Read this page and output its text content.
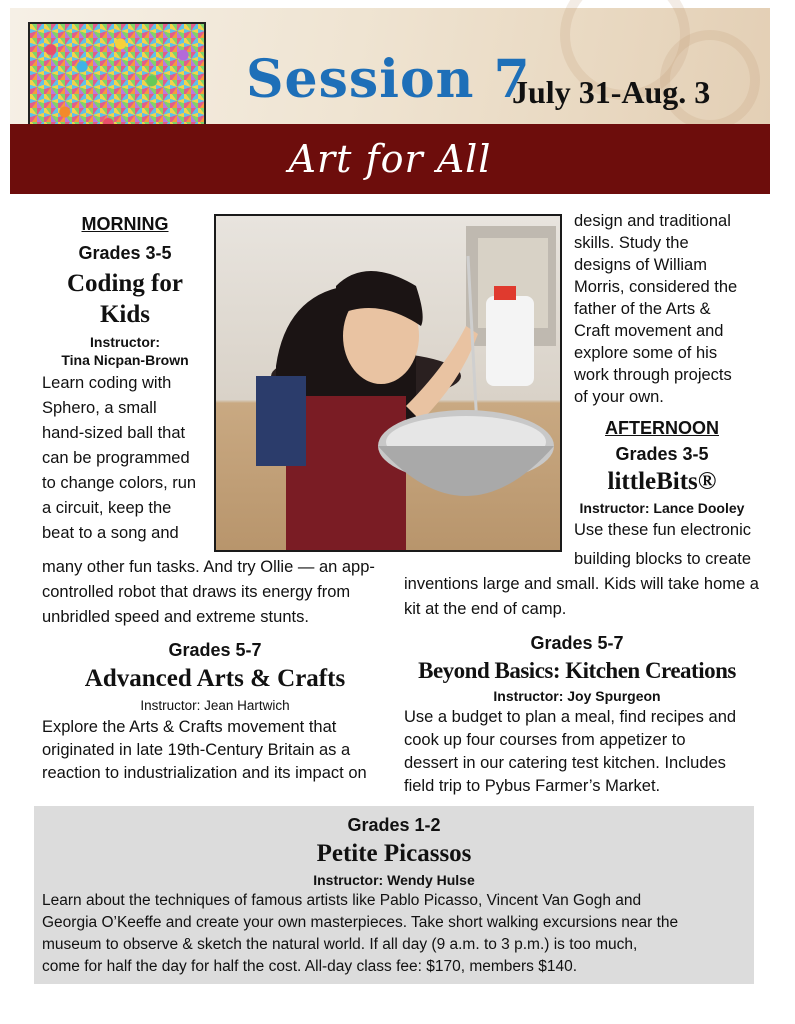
Session 7
July 31-Aug. 3
Art for All
MORNING
Grades 3-5
Coding for
Kids
Instructor:
Tina Nicpan-Brown
Learn coding with
Sphero, a small
hand-sized ball that
can be programmed
to change colors, run
a circuit, keep the
beat to a song and
many other fun tasks. And try Ollie — an app-
controlled robot that draws its energy from
unbridled speed and extreme stunts.
design and traditional
skills. Study the
designs of William
Morris, considered the
father of the Arts &
Craft movement and
explore some of his
work through projects
of your own.
AFTERNOON
Grades 3-5
littleBits®
Instructor: Lance Dooley
Use these fun electronic
building blocks to create
inventions large and small. Kids will take home a
kit at the end of camp.
Grades 5-7
Advanced Arts & Crafts
Instructor: Jean Hartwich
Explore the Arts & Crafts movement that
originated in late 19th-Century Britain as a
reaction to industrialization and its impact on
Grades 5-7
Beyond Basics: Kitchen Creations
Instructor: Joy Spurgeon
Use a budget to plan a meal, find recipes and
cook up four courses from appetizer to
dessert in our catering test kitchen. Includes
field trip to Pybus Farmer’s Market.
Grades 1-2
Petite Picassos
Instructor: Wendy Hulse
Learn about the techniques of famous artists like Pablo Picasso, Vincent Van Gogh and
Georgia O’Keeffe and create your own masterpieces. Take short walking excursions near the
museum to observe & sketch the natural world. If all day (9 a.m. to 3 p.m.) is too much,
come for half the day for half the cost. All-day class fee: $170, members $140.
